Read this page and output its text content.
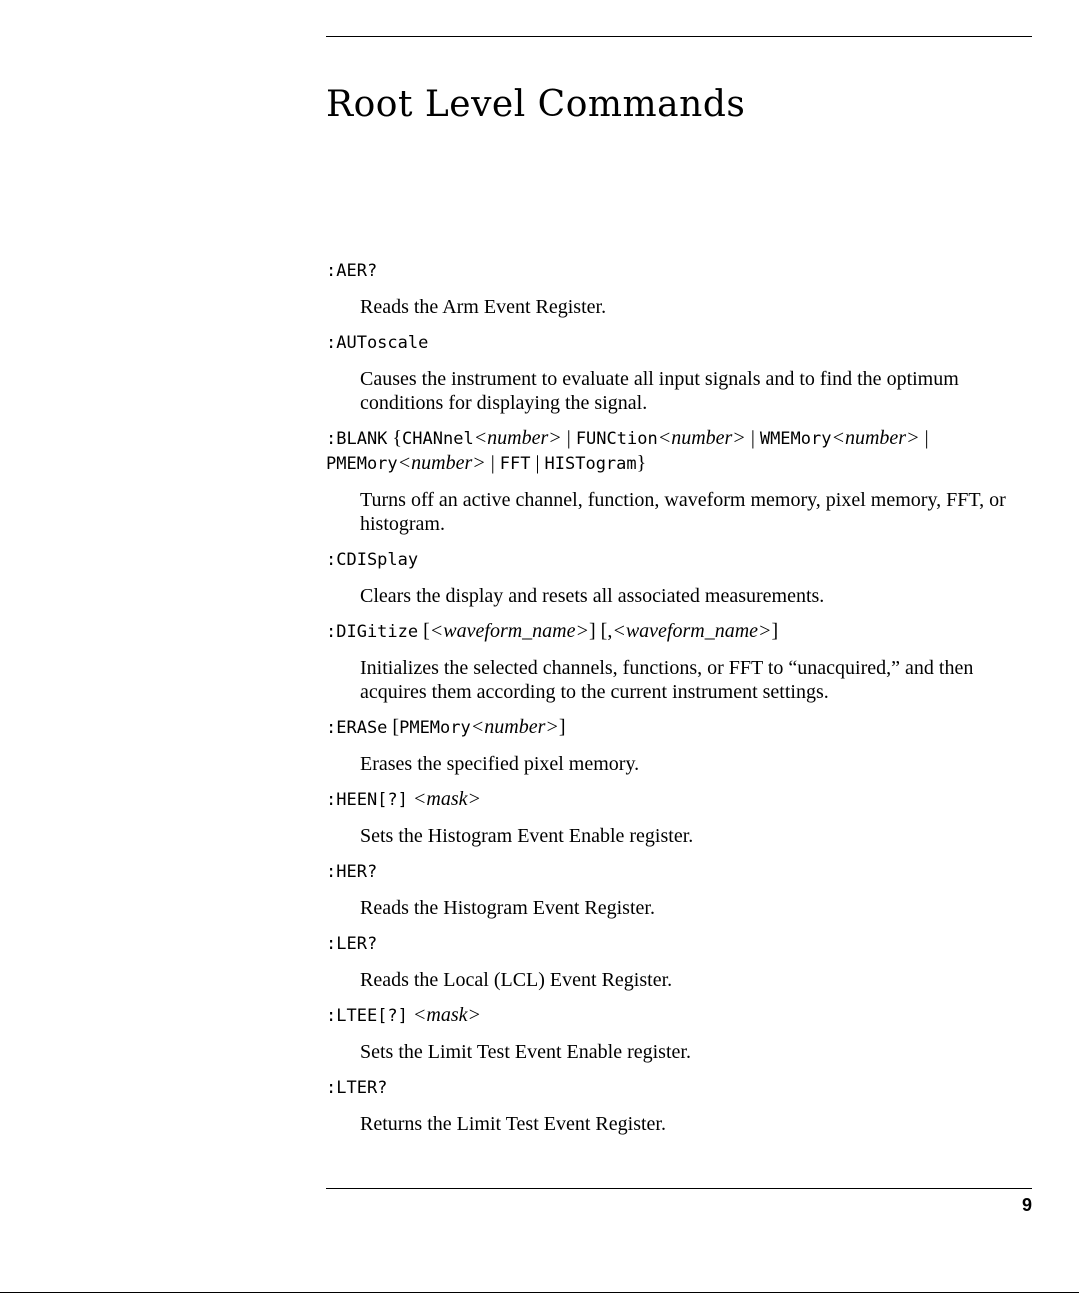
Root Level Commands
:AER?
Reads the Arm Event Register.
:AUToscale
Causes the instrument to evaluate all input signals and to find the optimum conditions for displaying the signal.
:BLANK {CHANnel<number> | FUNCtion<number> | WMEMory<number> | PMEMory<number> | FFT | HISTogram}
Turns off an active channel, function, waveform memory, pixel memory, FFT, or histogram.
:CDISplay
Clears the display and resets all associated measurements.
:DIGitize [<waveform_name>] [,<waveform_name>]
Initializes the selected channels, functions, or FFT to “unacquired,” and then acquires them according to the current instrument settings.
:ERASe [PMEMory<number>]
Erases the specified pixel memory.
:HEEN[?] <mask>
Sets the Histogram Event Enable register.
:HER?
Reads the Histogram Event Register.
:LER?
Reads the Local (LCL) Event Register.
:LTEE[?] <mask>
Sets the Limit Test Event Enable register.
:LTER?
Returns the Limit Test Event Register.
9
